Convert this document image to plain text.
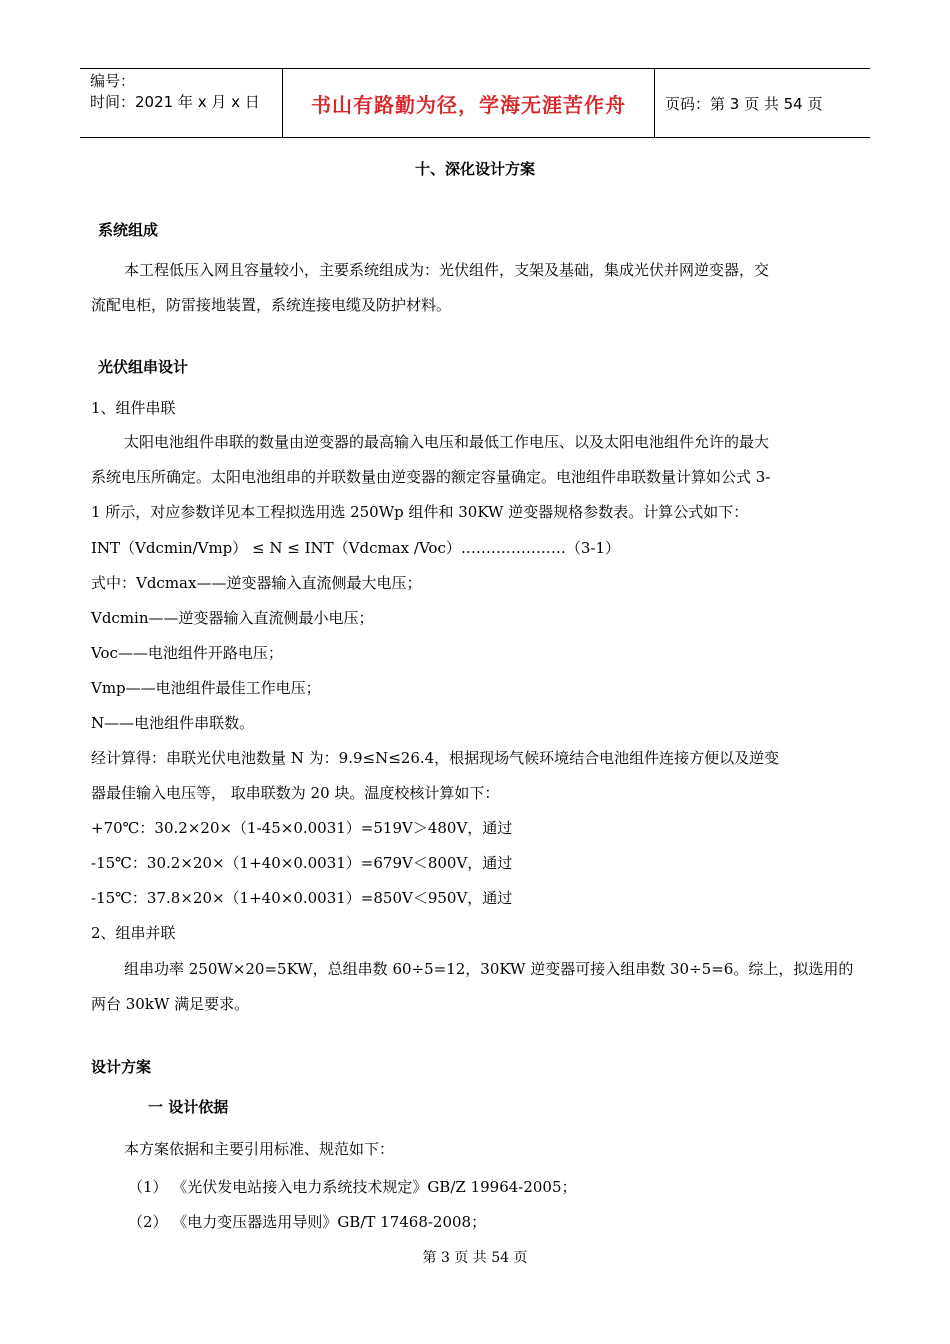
编号：
时间：2021 年 x 月 x 日	书山有路勤为径，学海无涯苦作舟	页码：第 3 页 共 54 页
十、深化设计方案
系统组成
本工程低压入网且容量较小，主要系统组成为：光伏组件，支架及基础，集成光伏并网逆变器，交
流配电柜，防雷接地装置，系统连接电缆及防护材料。
光伏组串设计
1、组件串联
太阳电池组件串联的数量由逆变器的最高输入电压和最低工作电压、以及太阳电池组件允许的最大
系统电压所确定。太阳电池组串的并联数量由逆变器的额定容量确定。电池组件串联数量计算如公式 3-
1 所示，对应参数详见本工程拟选用选 250Wp 组件和 30KW 逆变器规格参数表。计算公式如下：
INT（Vdcmin/Vmp） ≤ N ≤ INT（Vdcmax /Voc）…………………（3-1）
式中：Vdcmax——逆变器输入直流侧最大电压；
Vdcmin——逆变器输入直流侧最小电压；
Voc——电池组件开路电压；
Vmp——电池组件最佳工作电压；
N——电池组件串联数。
经计算得：串联光伏电池数量 N 为：9.9≤N≤26.4，根据现场气候环境结合电池组件连接方便以及逆变
器最佳输入电压等， 取串联数为 20 块。温度校核计算如下：
+70℃：30.2×20×（1-45×0.0031）=519V＞480V，通过
-15℃：30.2×20×（1+40×0.0031）=679V＜800V，通过
-15℃：37.8×20×（1+40×0.0031）=850V＜950V，通过
2、组串并联
组串功率 250W×20=5KW，总组串数 60÷5=12，30KW 逆变器可接入组串数 30÷5=6。综上，拟选用的
两台 30kW 满足要求。
设计方案
一 设计依据
本方案依据和主要引用标准、规范如下：
（1） 《光伏发电站接入电力系统技术规定》GB/Z 19964-2005；
（2） 《电力变压器选用导则》GB/T 17468-2008；
第 3 页 共 54 页
